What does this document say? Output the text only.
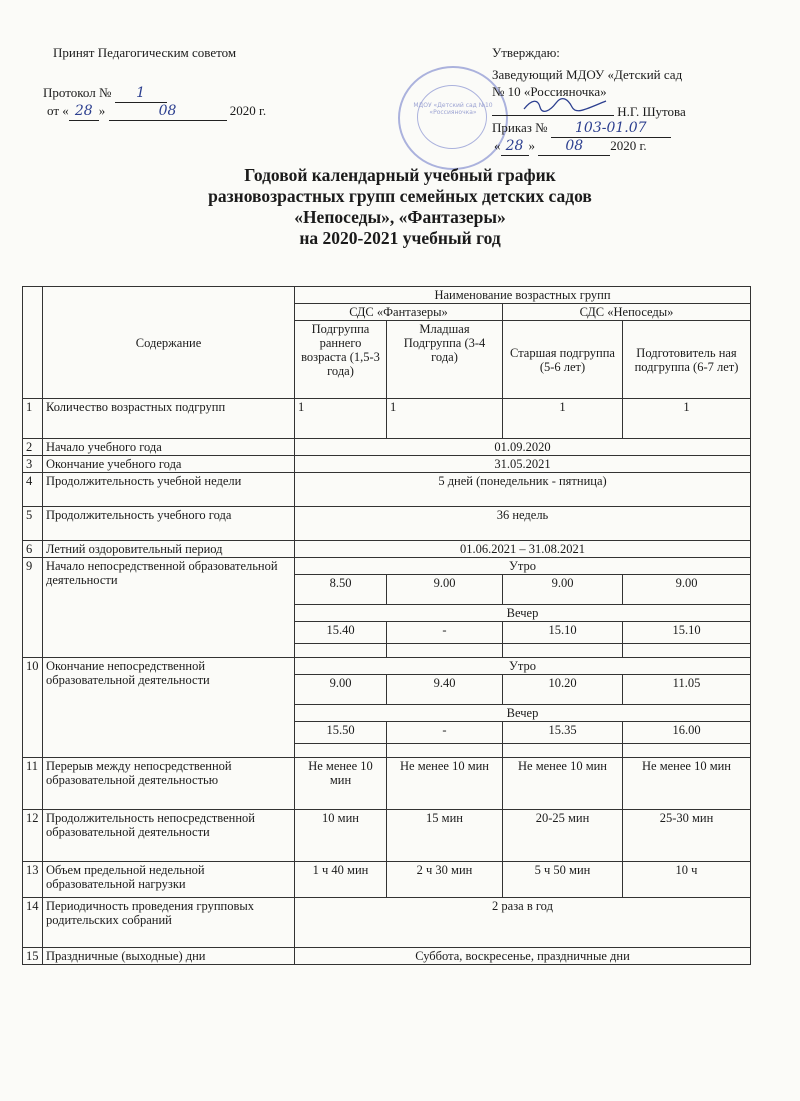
Принят Педагогическим советом
Протокол № 1
от « 28 »	08	2020 г.	МДОУ «Детский сад №10 «Россияночка»
Утверждаю:
Заведующий МДОУ «Детский сад
№ 10 «Россияночка»
Н.Г. Шутова
Приказ № 103-01.07
« 28 » 08 2020 г.
Годовой календарный учебный график
разновозрастных групп семейных детских садов
«Непоседы», «Фантазеры»
на 2020-2021 учебный год
	Содержание	Наименование возрастных групп			
		СДС «Фантазеры»		СДС «Непоседы»	
		Подгруппа раннего возраста (1,5-3 года)	Младшая Подгруппа (3-4 года)	Старшая подгруппа (5-6 лет)	Подготовитель ная подгруппа (6-7 лет)
1	Количество возрастных подгрупп	1	1	1	1
2	Начало учебного года	01.09.2020			
3	Окончание учебного года	31.05.2021			
4	Продолжительность учебной недели	5 дней (понедельник - пятница)			
5	Продолжительность учебного года	36 недель			
6	Летний оздоровительный период	01.06.2021 – 31.08.2021			
9	Начало непосредственной образовательной деятельности	Утро			
		8.50	9.00	9.00	9.00
		Вечер			
		15.40	-	15.10	15.10

10	Окончание непосредственной образовательной деятельности	Утро			
		9.00	9.40	10.20	11.05
		Вечер			
		15.50	-	15.35	16.00

11	Перерыв между непосредственной образовательной деятельностью	Не менее 10 мин	Не менее 10 мин	Не менее 10 мин	Не менее 10 мин
12	Продолжительность непосредственной образовательной деятельности	10 мин	15 мин	20-25 мин	25-30 мин
13	Объем предельной недельной образовательной нагрузки	1 ч 40 мин	2 ч 30 мин	5 ч 50 мин	10 ч
14	Периодичность проведения групповых родительских собраний	2 раза в год			
15	Праздничные (выходные) дни	Суббота, воскресенье, праздничные дни			
